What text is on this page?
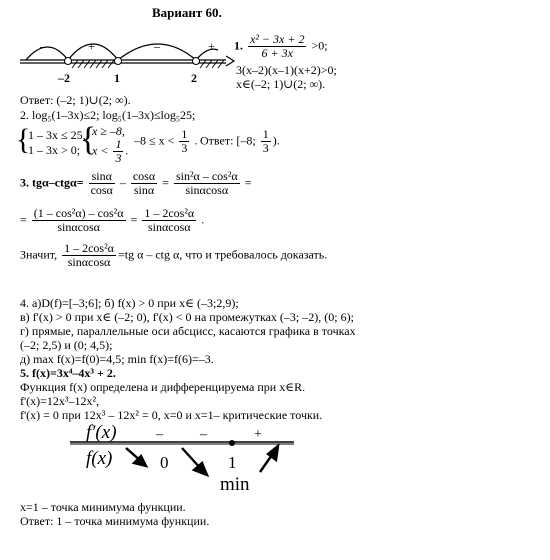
Вариант 60.
–	+	–	+
–2	1	2
1. $\frac{\text{x² − 3x + 2}}{6 + 3x} >0$;
3(x–2)(x–1)(x+2)>0;
x∈(–2; 1)∪(2; ∞).
Ответ: (–2; 1)∪(2; ∞).
2. log₅(1–3x)≤2; log₅(1–3x)≤log₅25;
{
1 – 3x ≤ 25,
1 – 3x > 0; {
x ≥ –8,
$x < \frac{1}{3}$ .
$-8 \le x < \frac{1}{3}$ . Ответ: [–8; $\frac{1}{3}$ ).
3. $tg\alpha-ctg\alpha= \frac{\sin\alpha}{\cos\alpha} - \frac{\cos\alpha}{\sin\alpha} = \frac{\text{sin²α – cos²α}}{\sin\alpha\cos\alpha}$ =
= $\frac{\text{(1 – cos²α) – cos²α}}{\sin\alpha\cos\alpha} = \frac{\text{1 – 2cos²α}}{\sin\alpha\cos\alpha}$ .
Значит, $\frac{\text{1 – 2cos²α}}{\sin\alpha\cos\alpha} =tg$ α – ctg α, что и требовалось доказать.
4. а)D(f)=[–3;6]; б) f(x) > 0 при x∈ (–3;2,9);
в) f'(x) > 0 при x∈ (–2; 0), f'(x) < 0 на промежутках (–3; –2), (0; 6);
г) прямые, параллельные оси абсцисс, касаются графика в точках
(–2; 2,5) и (0; 4,5);
д) max f(x)=f(0)=4,5; min f(x)=f(6)=–3.
5. f(x)=3x⁴–4x³ + 2.
Функция f(x) определена и дифференцируема при x∈R.
f'(x)=12x³–12x²,
f'(x) = 0 при 12x³ – 12x² = 0, x=0 и x=1– критические точки.
f′(x)
f(x)
–	–	+
0	1
min
x=1 – точка минимума функции.
Ответ: 1 – точка минимума функции.
